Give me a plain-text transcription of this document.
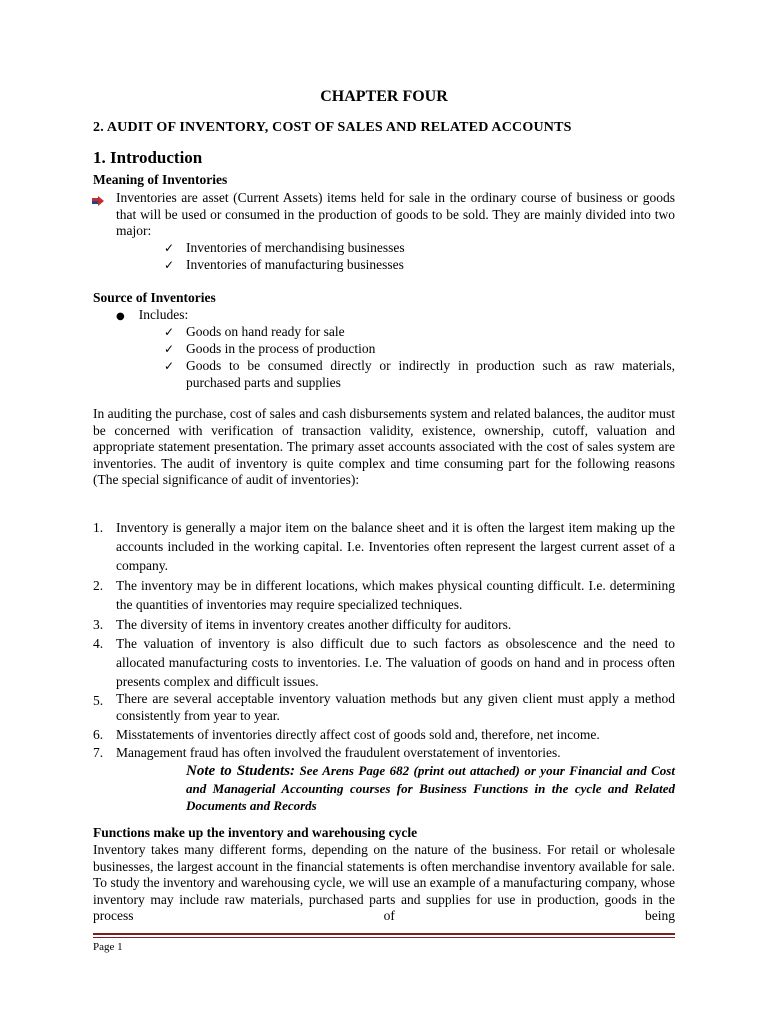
CHAPTER FOUR
2. AUDIT OF INVENTORY, COST OF SALES AND RELATED ACCOUNTS
1. Introduction
Meaning of Inventories
Inventories are asset (Current Assets) items held for sale in the ordinary course of business or goods that will be used or consumed in the production of goods to be sold. They are mainly divided into two major:
✓ Inventories of merchandising businesses
✓ Inventories of manufacturing businesses
Source of Inventories
● Includes:
✓ Goods on hand ready for sale
✓ Goods in the process of production
✓ Goods to be consumed directly or indirectly in production such as raw materials, purchased parts and supplies
In auditing the purchase, cost of sales and cash disbursements system and related balances, the auditor must be concerned with verification of transaction validity, existence, ownership, cutoff, valuation and appropriate statement presentation. The primary asset accounts associated with the cost of sales system are inventories. The audit of inventory is quite complex and time consuming part for the following reasons (The special significance of audit of inventories):
1. Inventory is generally a major item on the balance sheet and it is often the largest item making up the accounts included in the working capital. I.e. Inventories often represent the largest current asset of a company.
2. The inventory may be in different locations, which makes physical counting difficult. I.e. determining the quantities of inventories may require specialized techniques.
3. The diversity of items in inventory creates another difficulty for auditors.
4. The valuation of inventory is also difficult due to such factors as obsolescence and the need to allocated manufacturing costs to inventories. I.e. The valuation of goods on hand and in process often presents complex and difficult issues.
5. There are several acceptable inventory valuation methods but any given client must apply a method consistently from year to year.
6. Misstatements of inventories directly affect cost of goods sold and, therefore, net income.
7. Management fraud has often involved the fraudulent overstatement of inventories.
Note to Students: See Arens Page 682 (print out attached) or your Financial and Cost and Managerial Accounting courses for Business Functions in the cycle and Related Documents and Records
Functions make up the inventory and warehousing cycle
Inventory takes many different forms, depending on the nature of the business. For retail or wholesale businesses, the largest account in the financial statements is often merchandise inventory available for sale. To study the inventory and warehousing cycle, we will use an example of a manufacturing company, whose inventory may include raw materials, purchased parts and supplies for use in production, goods in the process of being
Page 1
